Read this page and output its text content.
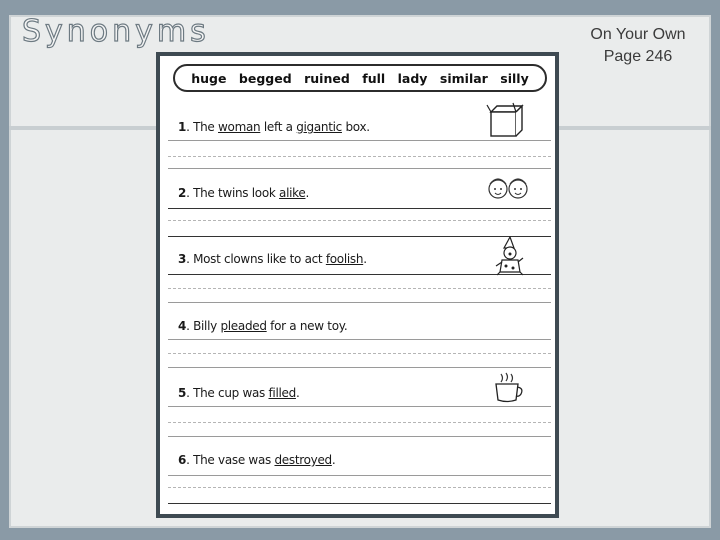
Synonyms	On Your Own
Page 246
huge begged ruined full lady similar silly
1. The woman left a gigantic box.
2. The twins look alike.
3. Most clowns like to act foolish.
4. Billy pleaded for a new toy.
5. The cup was filled.
6. The vase was destroyed.
